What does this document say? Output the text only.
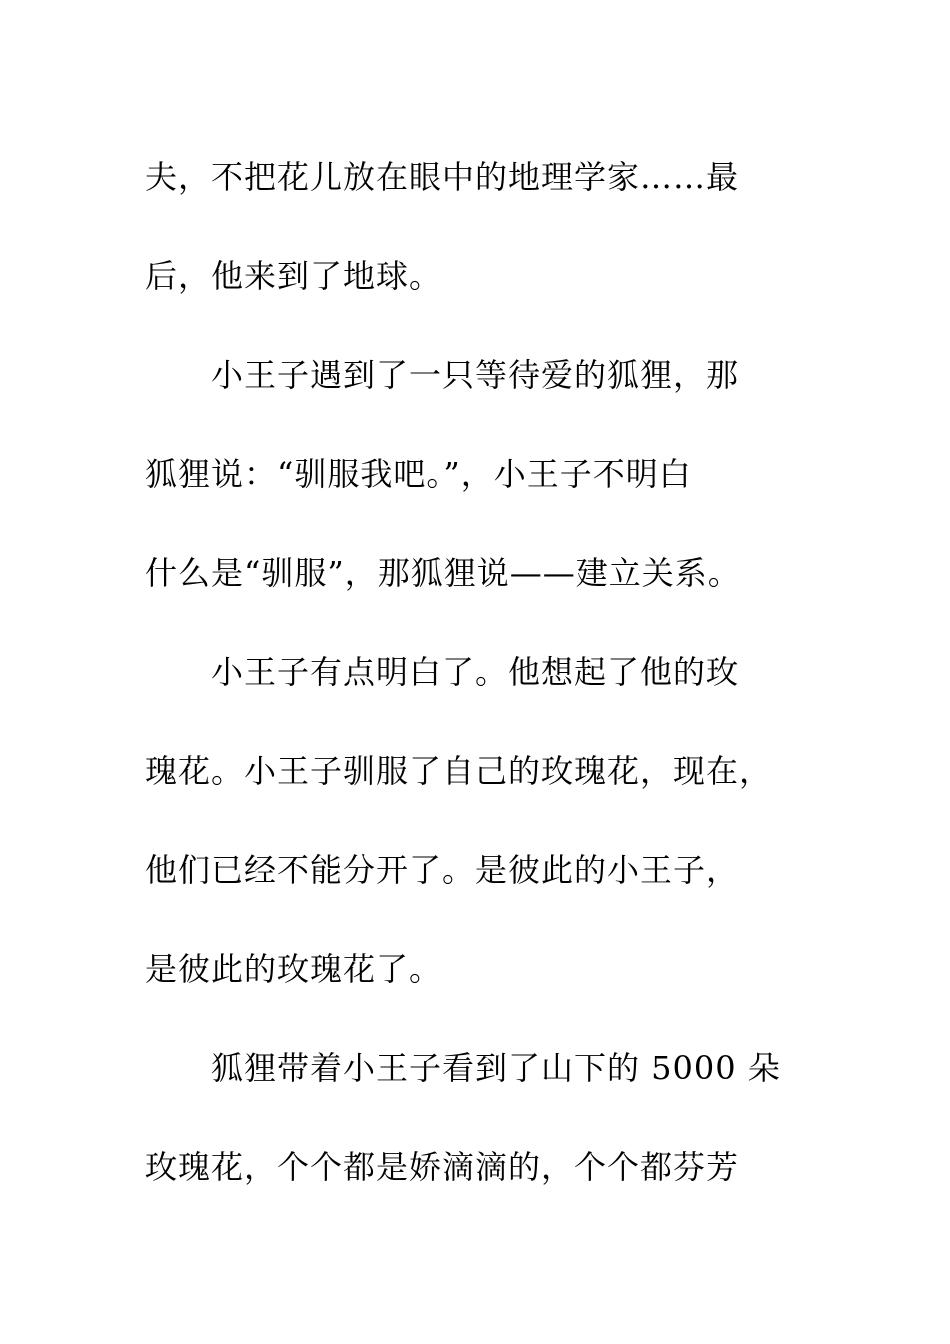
夫，不把花儿放在眼中的地理学家……最
后，他来到了地球。
　　小王子遇到了一只等待爱的狐狸，那
狐狸说：“驯服我吧。”，小王子不明白
什么是“驯服”，那狐狸说——建立关系。
　　小王子有点明白了。他想起了他的玫
瑰花。小王子驯服了自己的玫瑰花，现在，
他们已经不能分开了。是彼此的小王子，
是彼此的玫瑰花了。
　　狐狸带着小王子看到了山下的 5000 朵
玫瑰花，个个都是娇滴滴的，个个都芬芳
